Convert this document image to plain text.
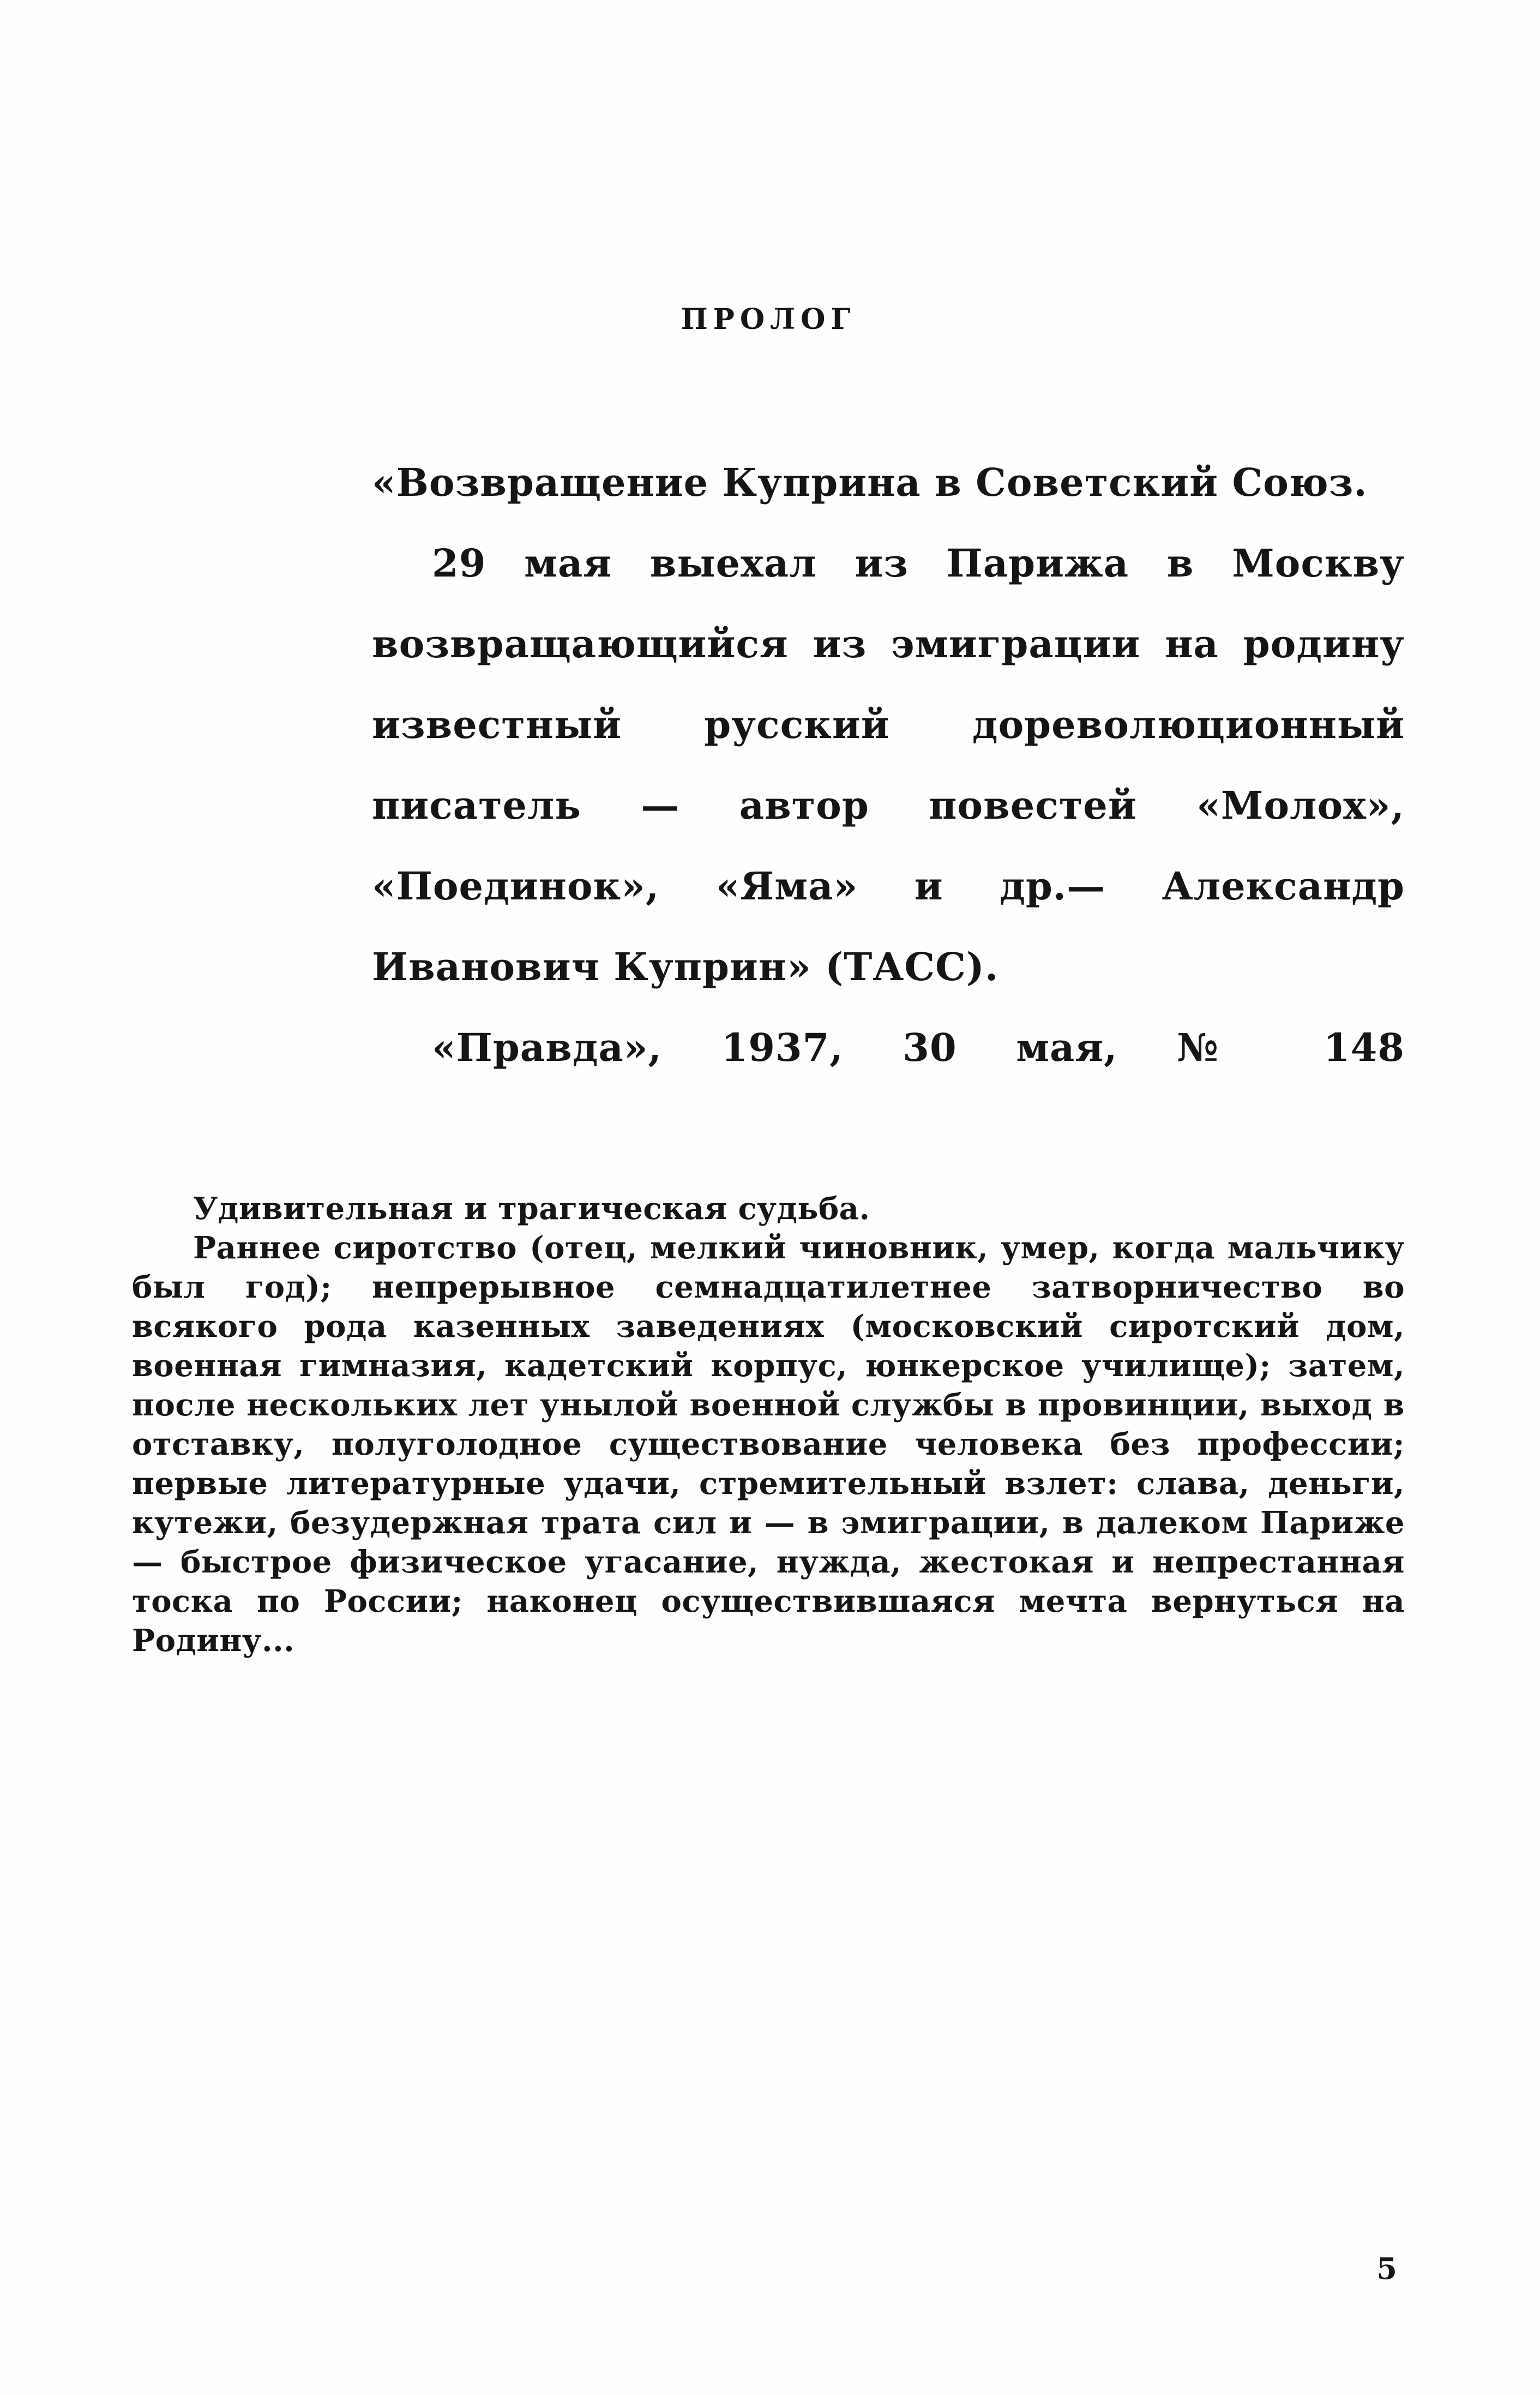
ПРОЛОГ

«Возвращение Куприна в Советский Союз.

29 мая выехал из Парижа в Москву возвращающийся из эмиграции на родину известный русский дореволюционный писатель — автор повестей «Молох», «Поединок», «Яма» и др.— Александр Иванович Куприн» (ТАСС).

«Правда», 1937, 30 мая, № 148

Удивительная и трагическая судьба.

Раннее сиротство (отец, мелкий чиновник, умер, когда мальчику был год); непрерывное семнадцатилетнее затворничество во всякого рода казенных заведениях (московский сиротский дом, военная гимназия, кадетский корпус, юнкерское училище); затем, после нескольких лет унылой военной службы в провинции, выход в отставку, полуголодное существование человека без профессии; первые литературные удачи, стремительный взлет: слава, деньги, кутежи, безудержная трата сил и — в эмиграции, в далеком Париже — быстрое физическое угасание, нужда, жестокая и непрестанная тоска по России; наконец осуществившаяся мечта вернуться на Родину...

5
